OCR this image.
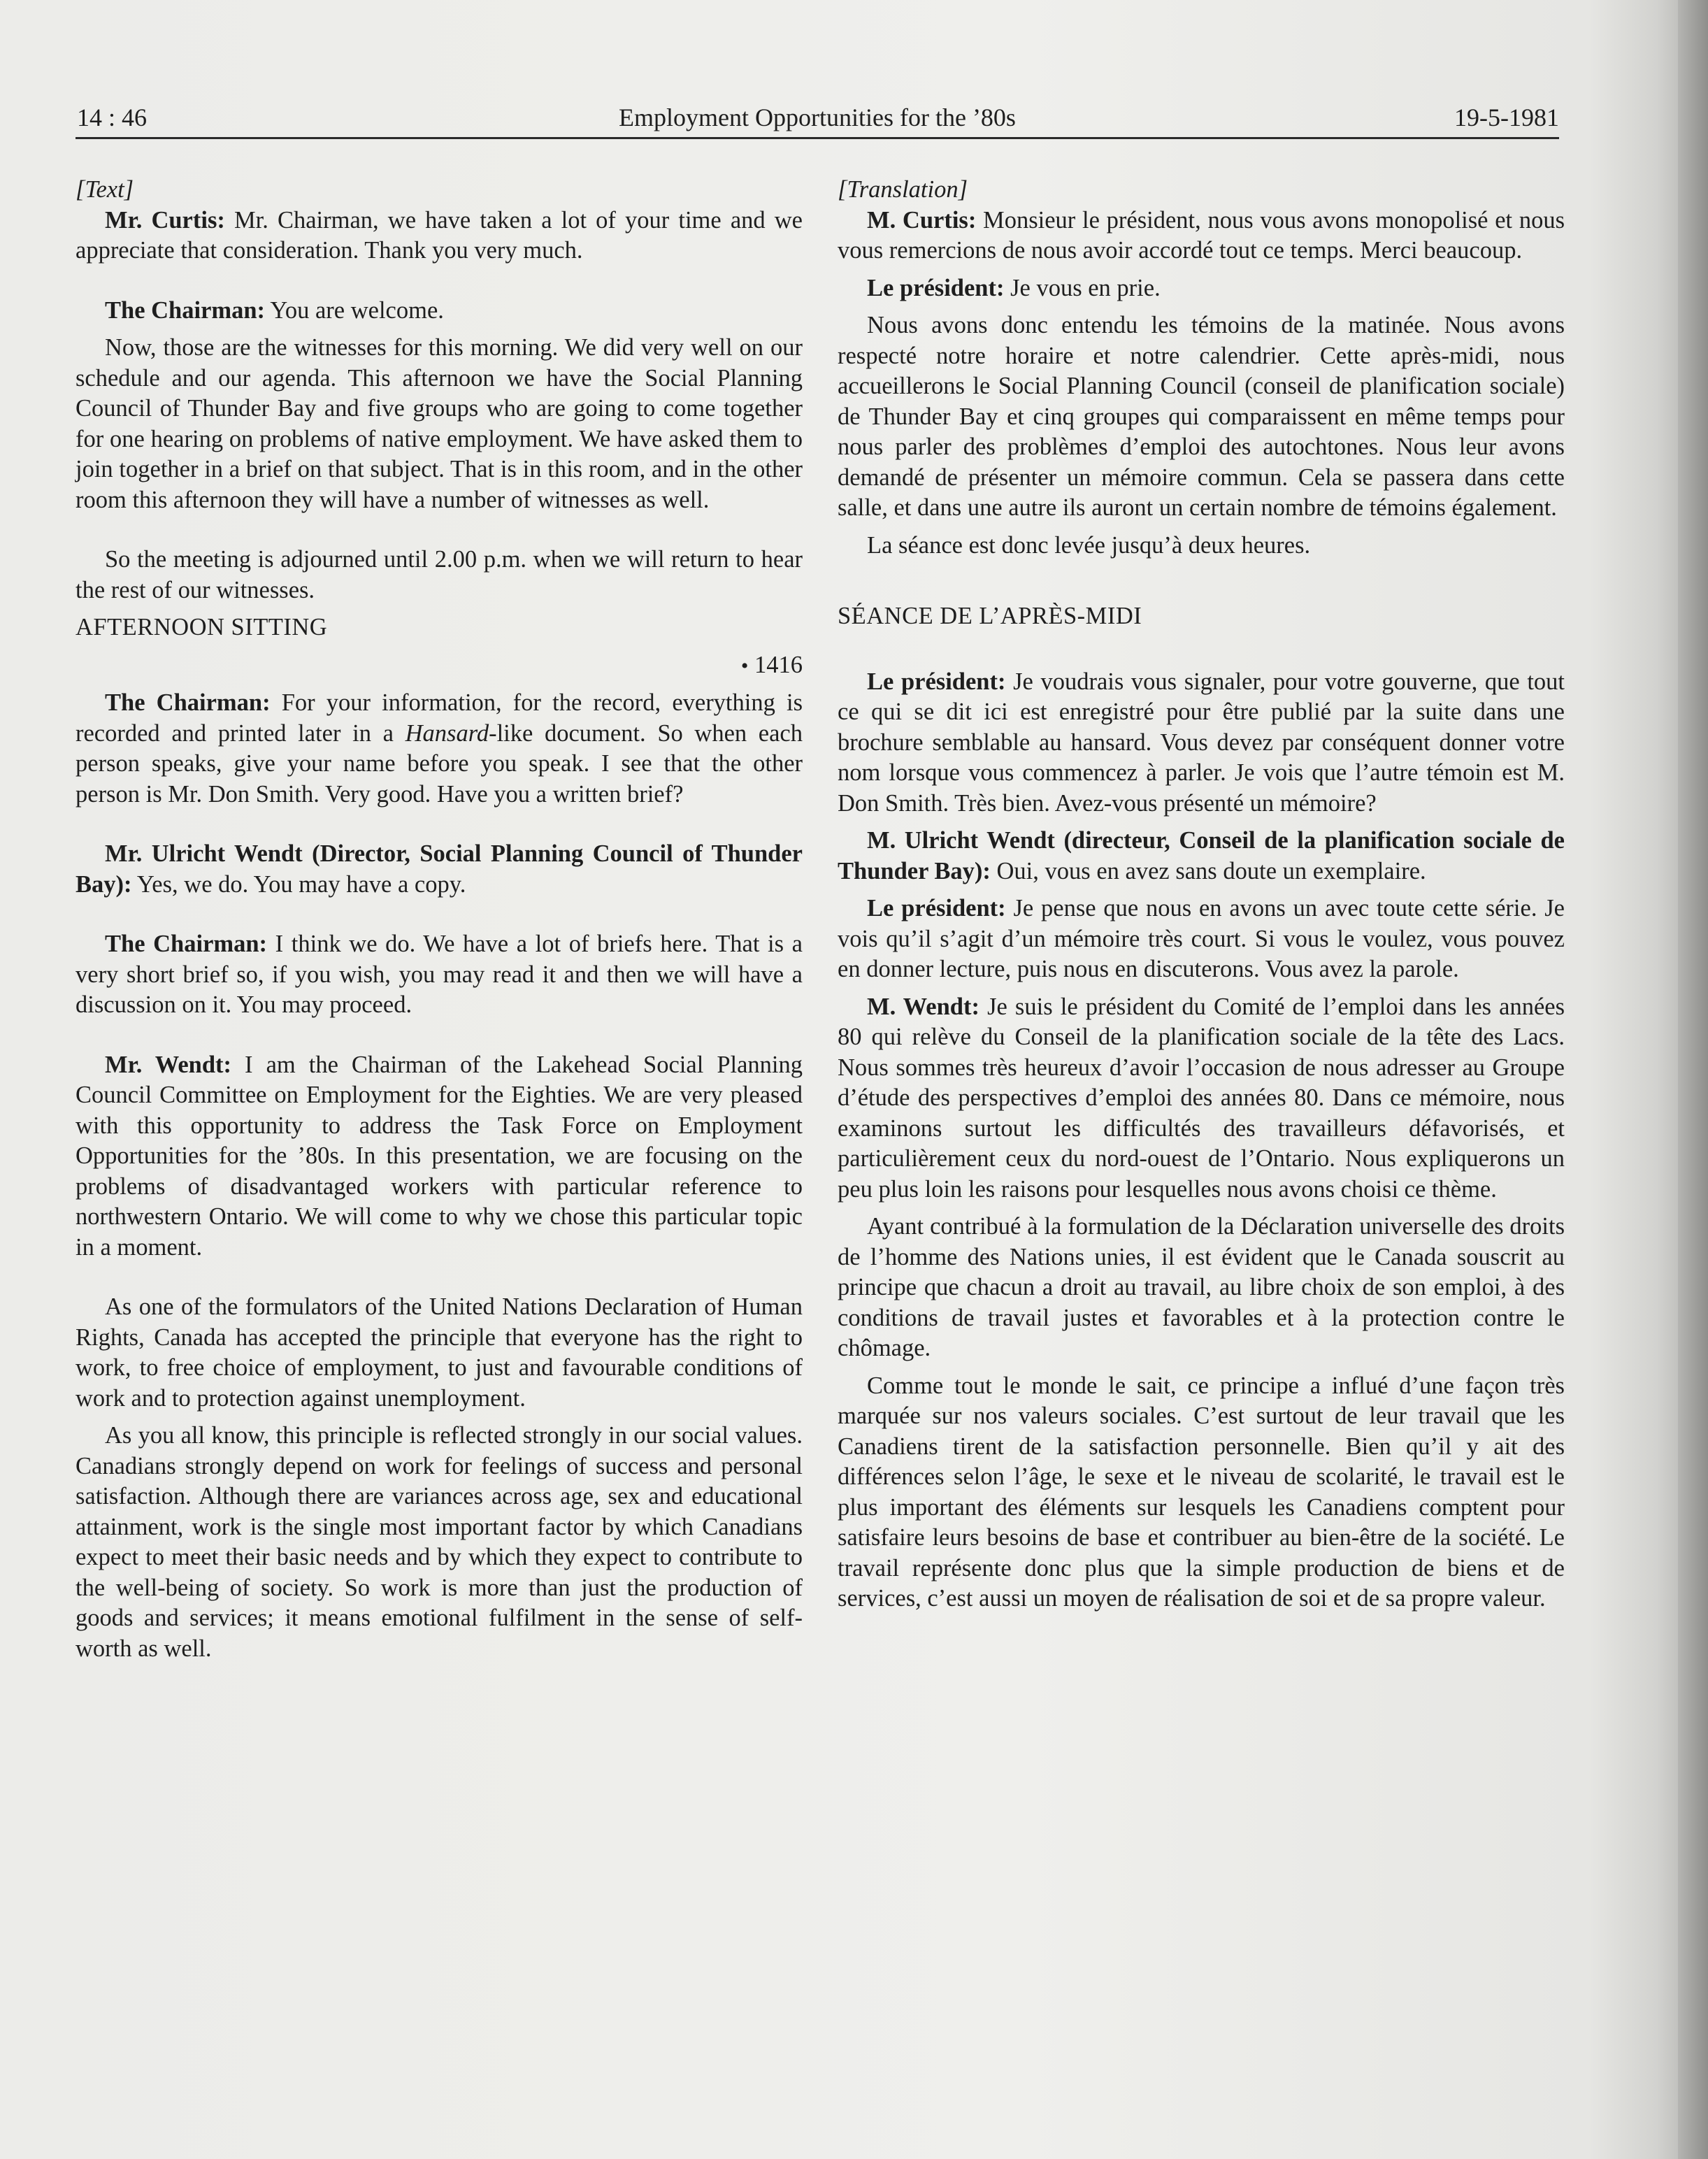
14 : 46	Employment Opportunities for the ’80s	19-5-1981

[Text]

Mr. Curtis: Mr. Chairman, we have taken a lot of your time and we appreciate that consideration. Thank you very much.

The Chairman: You are welcome.

Now, those are the witnesses for this morning. We did very well on our schedule and our agenda. This afternoon we have the Social Planning Council of Thunder Bay and five groups who are going to come together for one hearing on problems of native employment. We have asked them to join together in a brief on that subject. That is in this room, and in the other room this afternoon they will have a number of witnesses as well.

So the meeting is adjourned until 2.00 p.m. when we will return to hear the rest of our witnesses.

AFTERNOON SITTING

• 1416

The Chairman: For your information, for the record, everything is recorded and printed later in a Hansard-like document. So when each person speaks, give your name before you speak. I see that the other person is Mr. Don Smith. Very good. Have you a written brief?

Mr. Ulricht Wendt (Director, Social Planning Council of Thunder Bay): Yes, we do. You may have a copy.

The Chairman: I think we do. We have a lot of briefs here. That is a very short brief so, if you wish, you may read it and then we will have a discussion on it. You may proceed.

Mr. Wendt: I am the Chairman of the Lakehead Social Planning Council Committee on Employment for the Eighties. We are very pleased with this opportunity to address the Task Force on Employment Opportunities for the ’80s. In this presentation, we are focusing on the problems of disadvantaged workers with particular reference to northwestern Ontario. We will come to why we chose this particular topic in a moment.

As one of the formulators of the United Nations Declaration of Human Rights, Canada has accepted the principle that everyone has the right to work, to free choice of employment, to just and favourable conditions of work and to protection against unemployment.

As you all know, this principle is reflected strongly in our social values. Canadians strongly depend on work for feelings of success and personal satisfaction. Although there are variances across age, sex and educational attainment, work is the single most important factor by which Canadians expect to meet their basic needs and by which they expect to contribute to the well-being of society. So work is more than just the production of goods and services; it means emotional fulfilment in the sense of self-worth as well.

[Translation]

M. Curtis: Monsieur le président, nous vous avons monopolisé et nous vous remercions de nous avoir accordé tout ce temps. Merci beaucoup.

Le président: Je vous en prie.

Nous avons donc entendu les témoins de la matinée. Nous avons respecté notre horaire et notre calendrier. Cette après-midi, nous accueillerons le Social Planning Council (conseil de planification sociale) de Thunder Bay et cinq groupes qui comparaissent en même temps pour nous parler des problèmes d’emploi des autochtones. Nous leur avons demandé de présenter un mémoire commun. Cela se passera dans cette salle, et dans une autre ils auront un certain nombre de témoins également.

La séance est donc levée jusqu’à deux heures.

SÉANCE DE L’APRÈS-MIDI

Le président: Je voudrais vous signaler, pour votre gouverne, que tout ce qui se dit ici est enregistré pour être publié par la suite dans une brochure semblable au hansard. Vous devez par conséquent donner votre nom lorsque vous commencez à parler. Je vois que l’autre témoin est M. Don Smith. Très bien. Avez-vous présenté un mémoire?

M. Ulricht Wendt (directeur, Conseil de la planification sociale de Thunder Bay): Oui, vous en avez sans doute un exemplaire.

Le président: Je pense que nous en avons un avec toute cette série. Je vois qu’il s’agit d’un mémoire très court. Si vous le voulez, vous pouvez en donner lecture, puis nous en discuterons. Vous avez la parole.

M. Wendt: Je suis le président du Comité de l’emploi dans les années 80 qui relève du Conseil de la planification sociale de la tête des Lacs. Nous sommes très heureux d’avoir l’occasion de nous adresser au Groupe d’étude des perspectives d’emploi des années 80. Dans ce mémoire, nous examinons surtout les difficultés des travailleurs défavorisés, et particulièrement ceux du nord-ouest de l’Ontario. Nous expliquerons un peu plus loin les raisons pour lesquelles nous avons choisi ce thème.

Ayant contribué à la formulation de la Déclaration universelle des droits de l’homme des Nations unies, il est évident que le Canada souscrit au principe que chacun a droit au travail, au libre choix de son emploi, à des conditions de travail justes et favorables et à la protection contre le chômage.

Comme tout le monde le sait, ce principe a influé d’une façon très marquée sur nos valeurs sociales. C’est surtout de leur travail que les Canadiens tirent de la satisfaction personnelle. Bien qu’il y ait des différences selon l’âge, le sexe et le niveau de scolarité, le travail est le plus important des éléments sur lesquels les Canadiens comptent pour satisfaire leurs besoins de base et contribuer au bien-être de la société. Le travail représente donc plus que la simple production de biens et de services, c’est aussi un moyen de réalisation de soi et de sa propre valeur.
